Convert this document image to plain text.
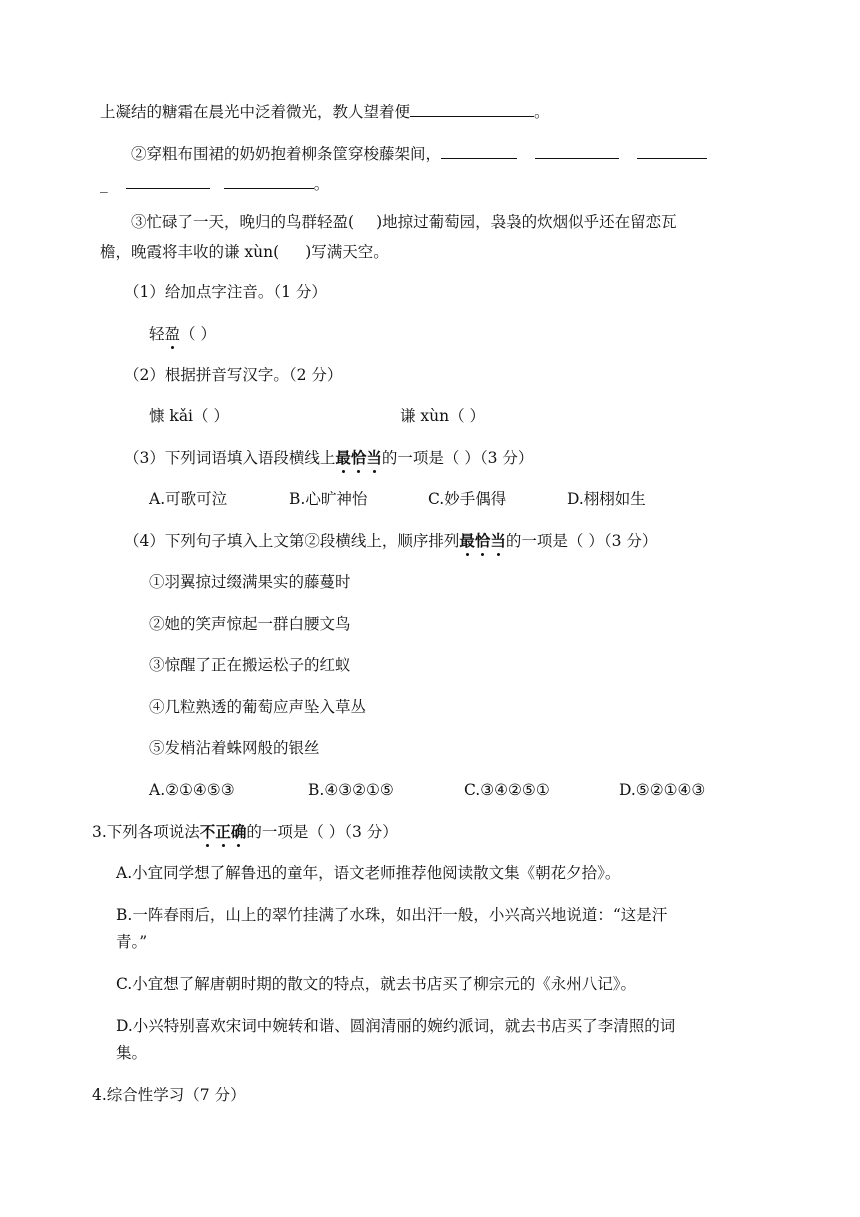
上凝结的糖霜在晨光中泛着微光，教人望着便	。
②穿粗布围裙的奶奶抱着柳条筐穿梭藤架间，
_	。
③忙碌了一天，晚归的鸟群轻盈( )地掠过葡萄园，袅袅的炊烟似乎还在留恋瓦
檐，晚霞将丰收的谦 xùn( )写满天空。
（1）给加点字注音。（1 分）
轻盈（ ）
（2）根据拼音写汉字。（2 分）
慷 kǎi（ ）	谦 xùn（ ）
（3）下列词语填入语段横线上最恰当的一项是（ ）（3 分）
A.可歌可泣	B.心旷神怡	C.妙手偶得	D.栩栩如生
（4）下列句子填入上文第②段横线上，顺序排列最恰当的一项是（ ）（3 分）
①羽翼掠过缀满果实的藤蔓时
②她的笑声惊起一群白腰文鸟
③惊醒了正在搬运松子的红蚁
④几粒熟透的葡萄应声坠入草丛
⑤发梢沾着蛛网般的银丝
A.②①④⑤③	B.④③②①⑤	C.③④②⑤①	D.⑤②①④③
3.下列各项说法不正确的一项是（ ）（3 分）
A.小宜同学想了解鲁迅的童年，语文老师推荐他阅读散文集《朝花夕拾》。
B.一阵春雨后，山上的翠竹挂满了水珠，如出汗一般，小兴高兴地说道：“这是汗
青。”
C.小宜想了解唐朝时期的散文的特点，就去书店买了柳宗元的《永州八记》。
D.小兴特别喜欢宋词中婉转和谐、圆润清丽的婉约派词，就去书店买了李清照的词
集。
4.综合性学习（7 分）
